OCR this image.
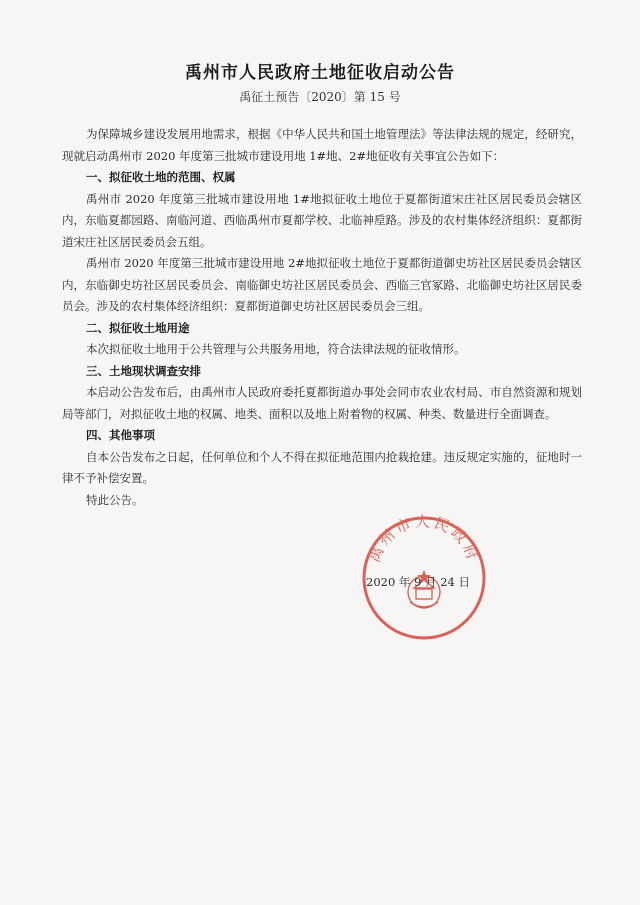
禹州市人民政府土地征收启动公告
禹征土预告〔2020〕第 15 号

为保障城乡建设发展用地需求，根据《中华人民共和国土地管理法》等法律法规的规定，经研究，现就启动禹州市 2020 年度第三批城市建设用地 1#地、2#地征收有关事宜公告如下：

一、拟征收土地的范围、权属

禹州市 2020 年度第三批城市建设用地 1#地拟征收土地位于夏都街道宋庄社区居民委员会辖区内，东临夏都园路、南临河道、西临禹州市夏都学校、北临神垕路。涉及的农村集体经济组织：夏都街道宋庄社区居民委员会五组。

禹州市 2020 年度第三批城市建设用地 2#地拟征收土地位于夏都街道御史坊社区居民委员会辖区内，东临御史坊社区居民委员会、南临御史坊社区居民委员会、西临三官冢路、北临御史坊社区居民委员会。涉及的农村集体经济组织：夏都街道御史坊社区居民委员会三组。

二、拟征收土地用途

本次拟征收土地用于公共管理与公共服务用地，符合法律法规的征收情形。

三、土地现状调查安排

本启动公告发布后，由禹州市人民政府委托夏都街道办事处会同市农业农村局、市自然资源和规划局等部门，对拟征收土地的权属、地类、面积以及地上附着物的权属、种类、数量进行全面调查。

四、其他事项

自本公告发布之日起，任何单位和个人不得在拟征地范围内抢栽抢建。违反规定实施的，征地时一律不予补偿安置。

特此公告。

禹州市人民政府
2020 年 9 月 24 日
